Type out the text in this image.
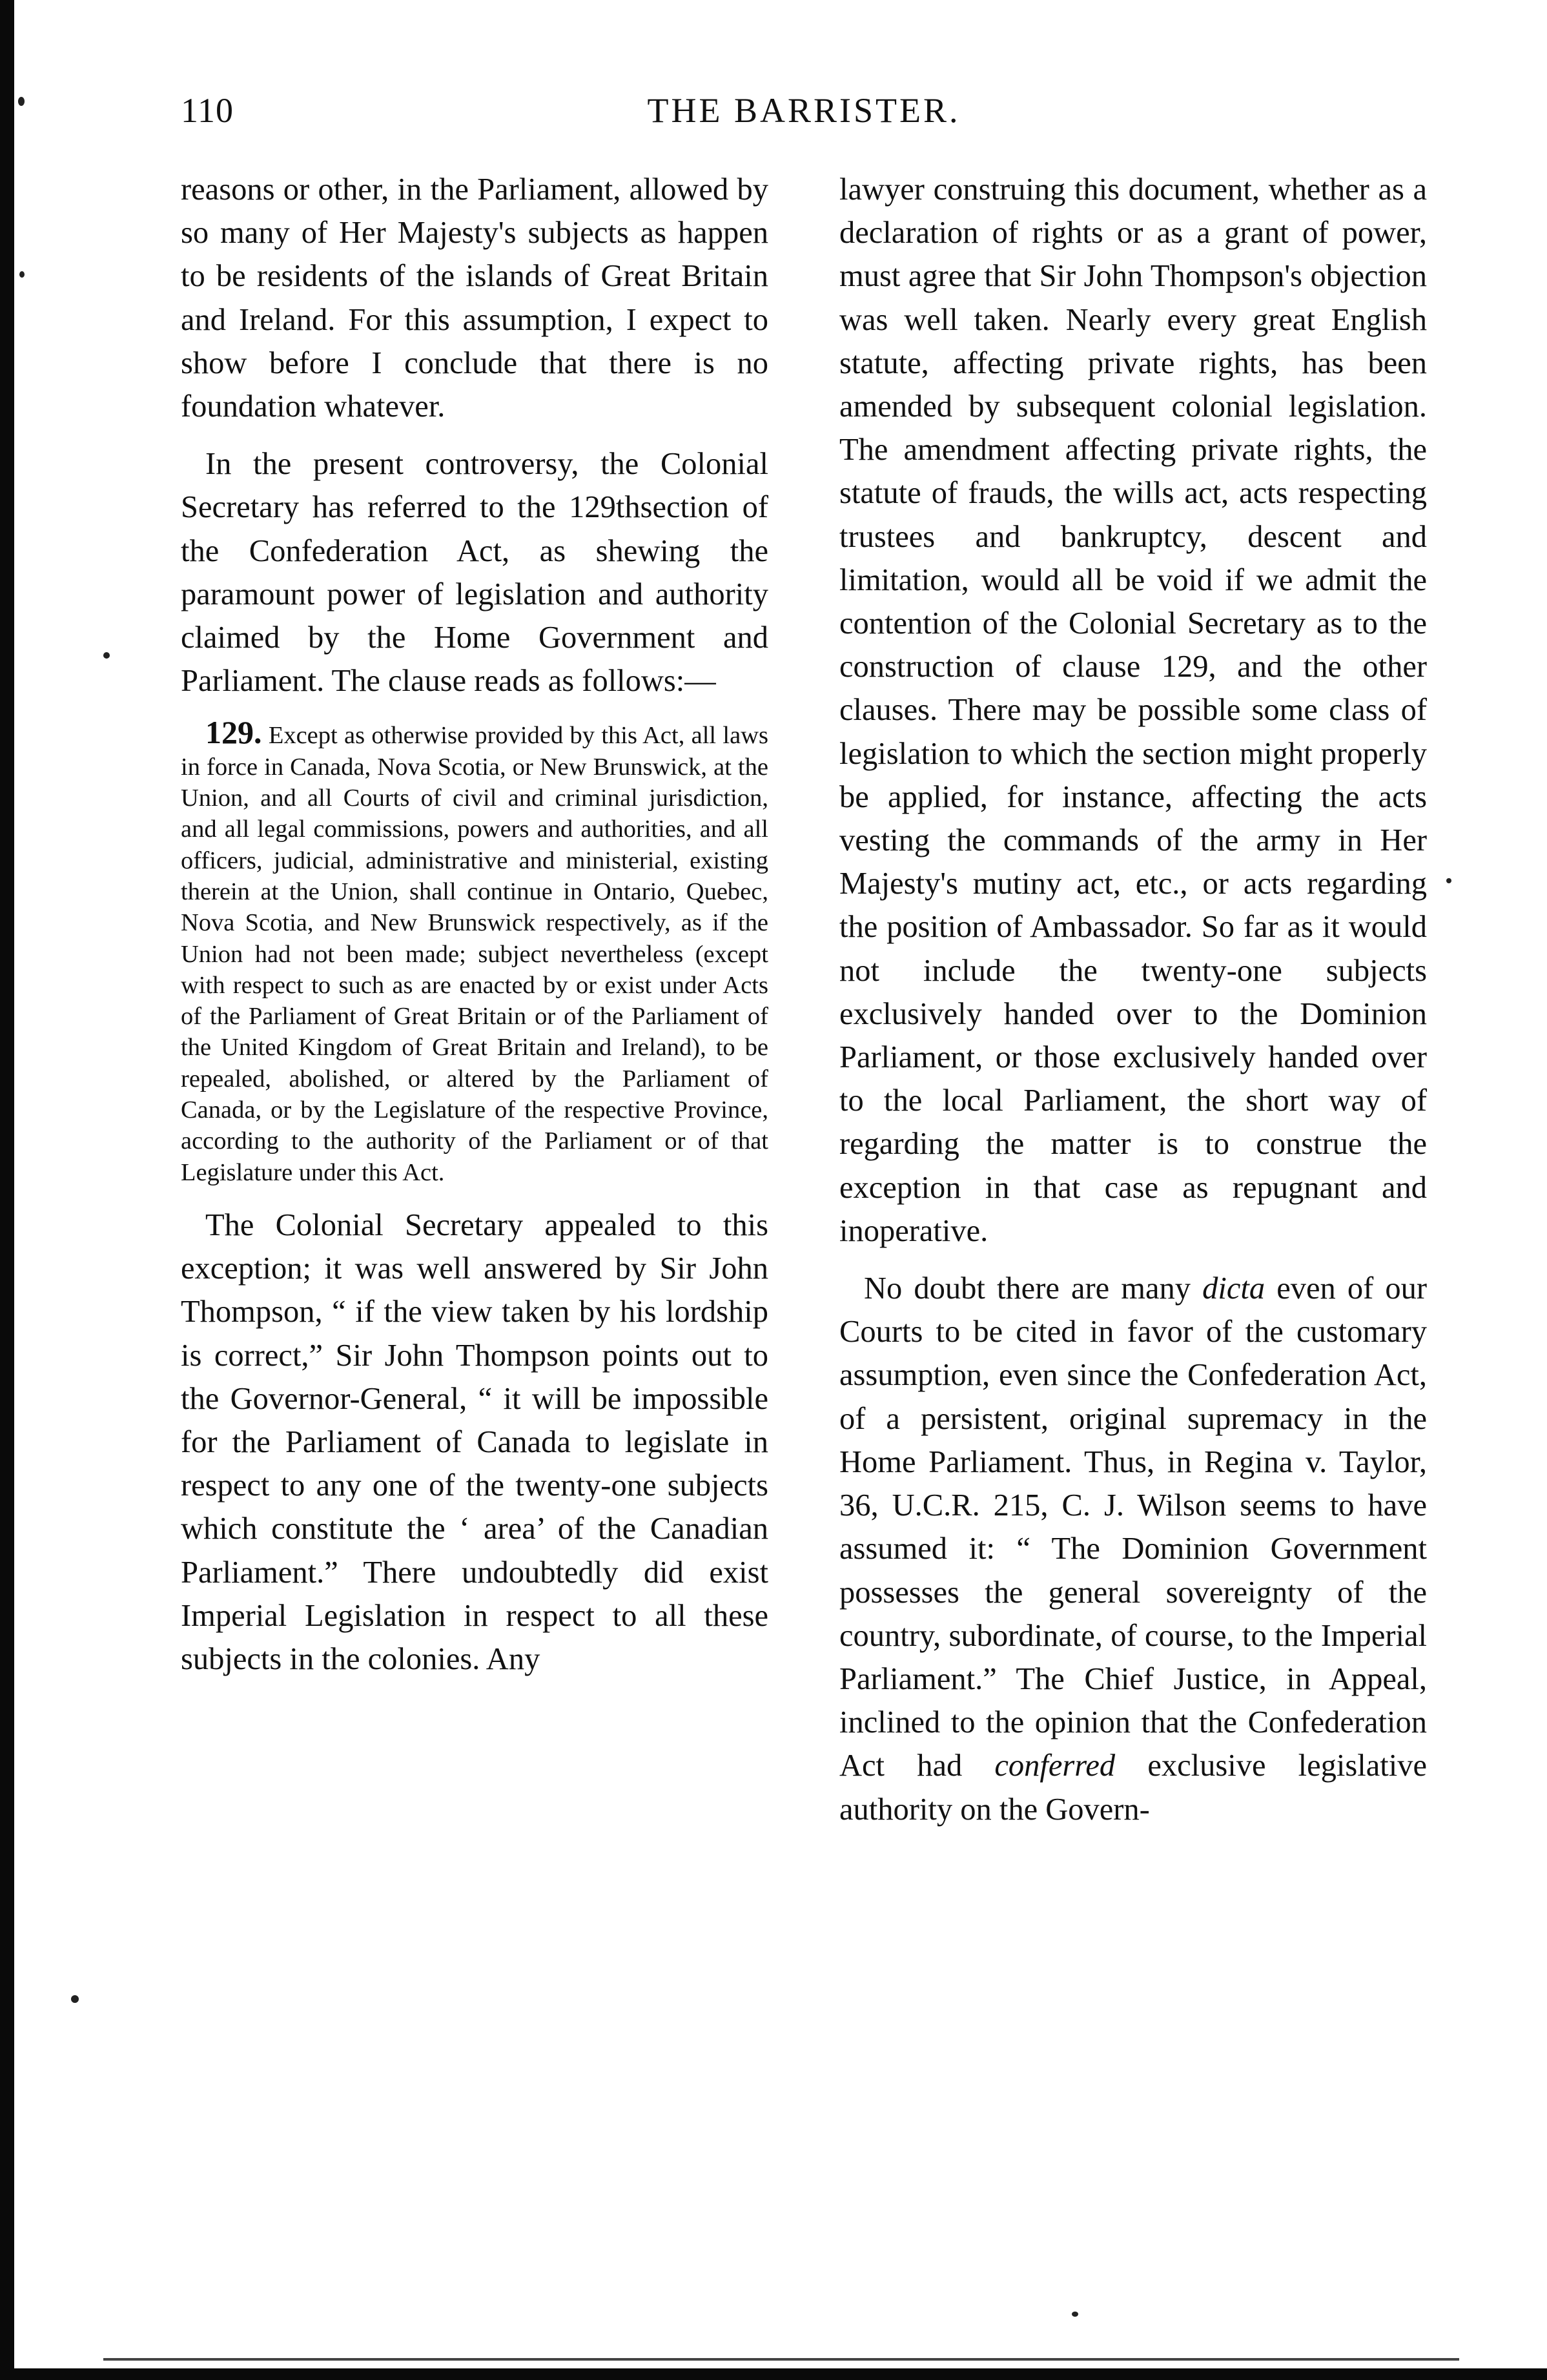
110	THE BARRISTER.

reasons or other, in the Parliament, allowed by so many of Her Majesty's subjects as happen to be residents of the islands of Great Britain and Ireland. For this assumption, I expect to show before I conclude that there is no foundation whatever.

In the present controversy, the Colonial Secretary has referred to the 129thsection of the Confederation Act, as shewing the paramount power of legislation and authority claimed by the Home Government and Parliament. The clause reads as follows:—

129. Except as otherwise provided by this Act, all laws in force in Canada, Nova Scotia, or New Brunswick, at the Union, and all Courts of civil and criminal jurisdiction, and all legal commissions, powers and authorities, and all officers, judicial, administrative and ministerial, existing therein at the Union, shall continue in Ontario, Quebec, Nova Scotia, and New Brunswick respectively, as if the Union had not been made; subject nevertheless (except with respect to such as are enacted by or exist under Acts of the Parliament of Great Britain or of the Parliament of the United Kingdom of Great Britain and Ireland), to be repealed, abolished, or altered by the Parliament of Canada, or by the Legislature of the respective Province, according to the authority of the Parliament or of that Legislature under this Act.

The Colonial Secretary appealed to this exception; it was well answered by Sir John Thompson, “ if the view taken by his lordship is correct,” Sir John Thompson points out to the Governor-General, “ it will be impossible for the Parliament of Canada to legislate in respect to any one of the twenty-one subjects which constitute the ‘ area’ of the Canadian Parliament.” There undoubtedly did exist Imperial Legislation in respect to all these subjects in the colonies. Any

lawyer construing this document, whether as a declaration of rights or as a grant of power, must agree that Sir John Thompson's objection was well taken. Nearly every great English statute, affecting private rights, has been amended by subsequent colonial legislation. The amendment affecting private rights, the statute of frauds, the wills act, acts respecting trustees and bankruptcy, descent and limitation, would all be void if we admit the contention of the Colonial Secretary as to the construction of clause 129, and the other clauses. There may be possible some class of legislation to which the section might properly be applied, for instance, affecting the acts vesting the commands of the army in Her Majesty's mutiny act, etc., or acts regarding the position of Ambassador. So far as it would not include the twenty-one subjects exclusively handed over to the Dominion Parliament, or those exclusively handed over to the local Parliament, the short way of regarding the matter is to construe the exception in that case as repugnant and inoperative.

No doubt there are many dicta even of our Courts to be cited in favor of the customary assumption, even since the Confederation Act, of a persistent, original supremacy in the Home Parliament. Thus, in Regina v. Taylor, 36, U.C.R. 215, C. J. Wilson seems to have assumed it: “ The Dominion Government possesses the general sovereignty of the country, subordinate, of course, to the Imperial Parliament.” The Chief Justice, in Appeal, inclined to the opinion that the Confederation Act had conferred exclusive legislative authority on the Govern-
